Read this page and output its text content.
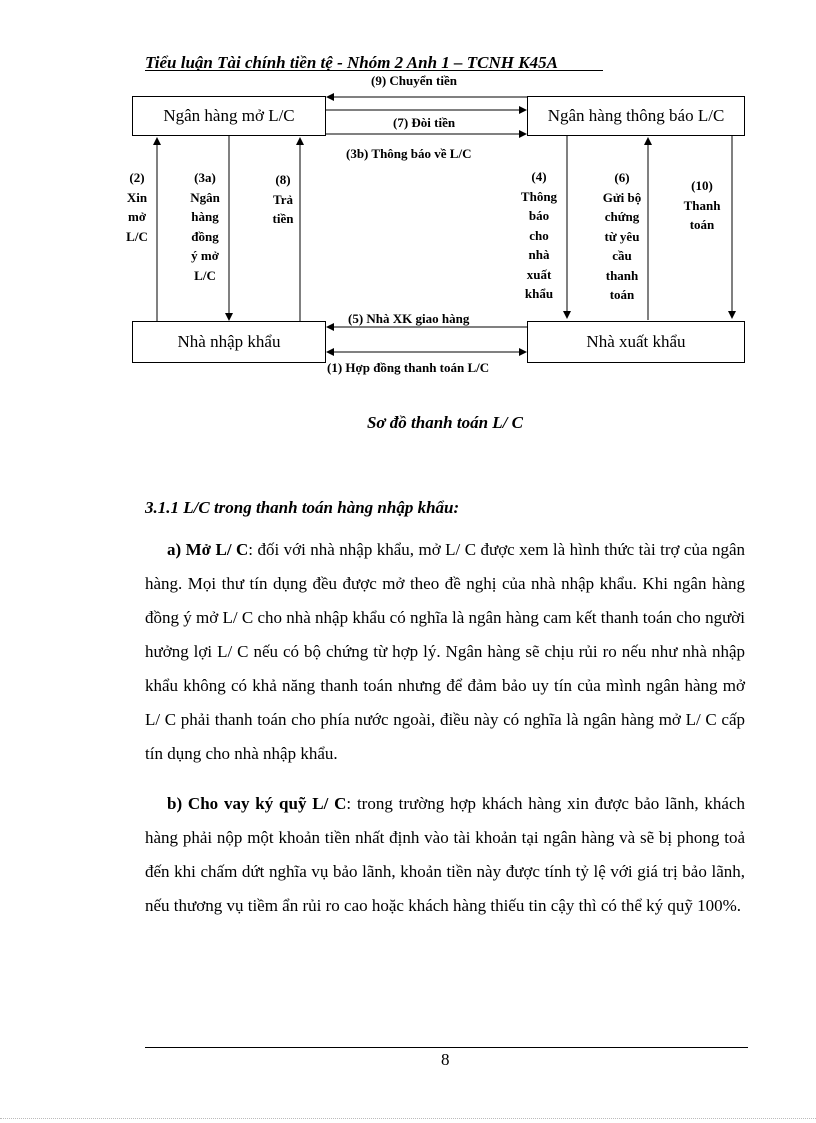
Tiểu luận Tài chính tiền tệ - Nhóm 2 Anh 1 – TCNH K45A
Ngân hàng mở L/C	Ngân hàng thông báo L/C
Nhà nhập khẩu	Nhà xuất khẩu
(9) Chuyển tiền
(7) Đòi tiền
(3b) Thông báo về L/C
(5) Nhà XK giao hàng
(1) Hợp đồng thanh toán L/C
(2)
Xin
mở
L/C
(3a)
Ngân
hàng
đồng
ý mở
L/C
(8)
Trả
tiền
(4)
Thông
báo
cho
nhà
xuất
khẩu
(6)
Gửi bộ
chứng
từ yêu
cầu
thanh
toán
(10)
Thanh
toán
Sơ đồ thanh toán L/ C
3.1.1 L/C trong thanh toán hàng nhập khẩu:
a) Mở L/ C: đối với nhà nhập khẩu, mở L/ C được xem là hình thức tài trợ của ngân hàng. Mọi thư tín dụng đều được mở theo đề nghị của nhà nhập khẩu. Khi ngân hàng đồng ý mở L/ C cho nhà nhập khẩu có nghĩa là ngân hàng cam kết thanh toán cho người hưởng lợi L/ C nếu có bộ chứng từ hợp lý. Ngân hàng sẽ chịu rủi ro nếu như nhà nhập khẩu không có khả năng thanh toán nhưng để đảm bảo uy tín của mình ngân hàng mở L/ C phải thanh toán cho phía nước ngoài, điều này có nghĩa là ngân hàng mở L/ C cấp tín dụng cho nhà nhập khẩu.
b) Cho vay ký quỹ L/ C: trong trường hợp khách hàng xin được bảo lãnh, khách hàng phải nộp một khoản tiền nhất định vào tài khoản tại ngân hàng và sẽ bị phong toả đến khi chấm dứt nghĩa vụ bảo lãnh, khoản tiền này được tính tỷ lệ với giá trị bảo lãnh, nếu thương vụ tiềm ẩn rủi ro cao hoặc khách hàng thiếu tin cậy thì có thể ký quỹ 100%.
8
